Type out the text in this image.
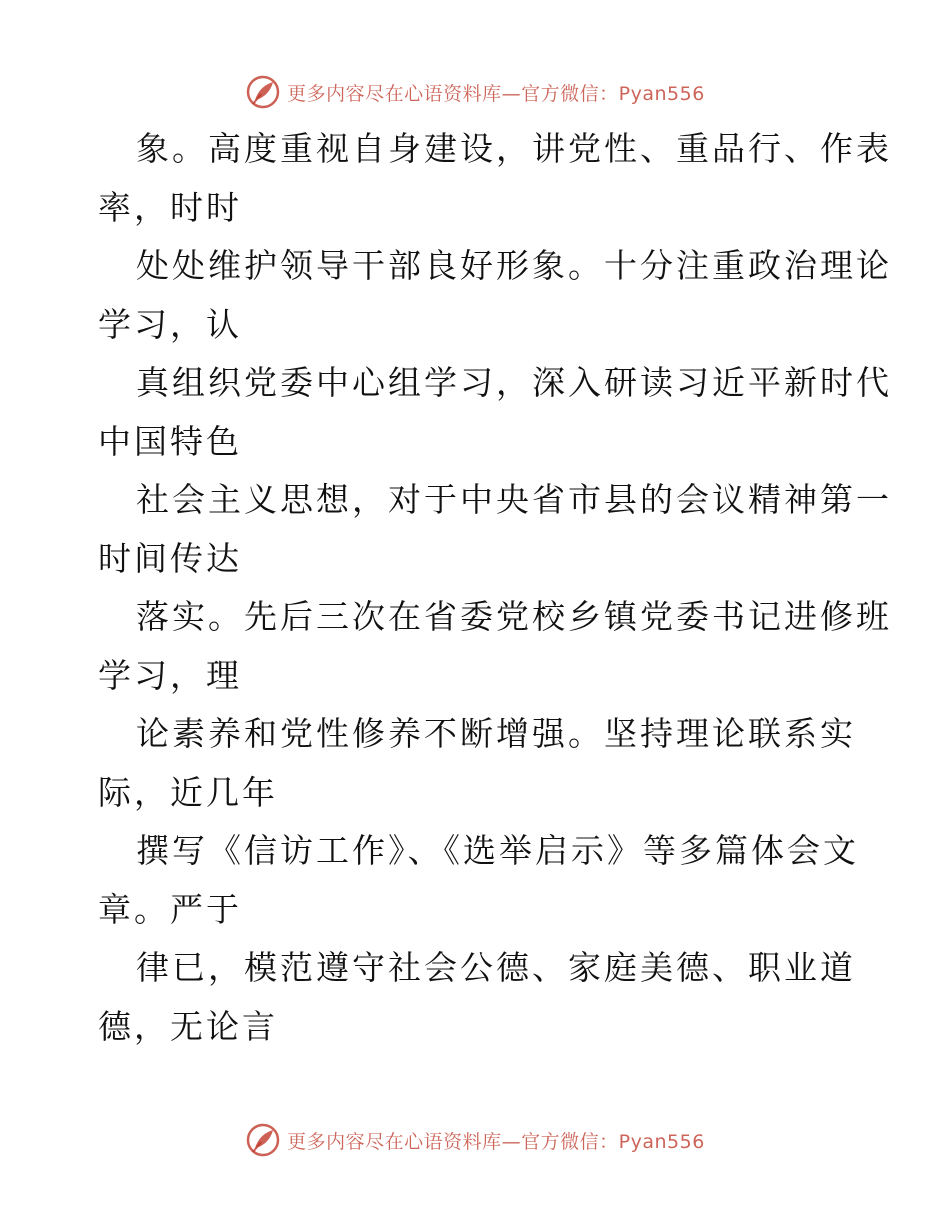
更多内容尽在心语资料库—官方微信：Pyan556
象。高度重视自身建设，讲党性、重品行、作表
率，时时
处处维护领导干部良好形象。十分注重政治理论
学习，认
真组织党委中心组学习，深入研读习近平新时代
中国特色
社会主义思想，对于中央省市县的会议精神第一
时间传达
落实。先后三次在省委党校乡镇党委书记进修班
学习，理
论素养和党性修养不断增强。坚持理论联系实
际，近几年
撰写《信访工作》、《选举启示》等多篇体会文
章。严于
律已，模范遵守社会公德、家庭美德、职业道
德，无论言
更多内容尽在心语资料库—官方微信：Pyan556
